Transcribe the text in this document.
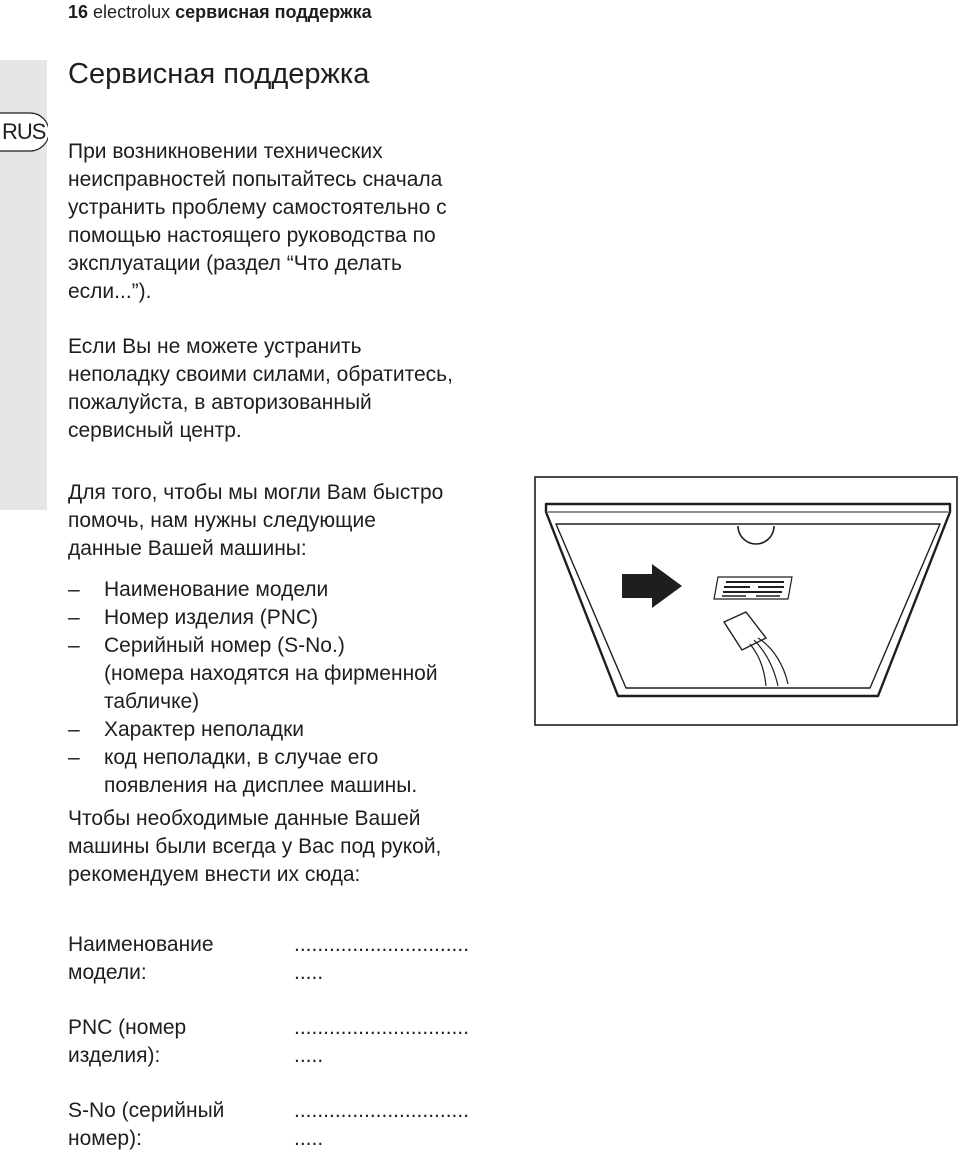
16 electrolux сервисная поддержка
RUS
Сервисная поддержка
При возникновении технических
неисправностей попытайтесь сначала
устранить проблему самостоятельно с
помощью настоящего руководства по
эксплуатации (раздел “Что делать
если...”).
Если Вы не можете устранить
неполадку своими силами, обратитесь,
пожалуйста, в авторизованный
сервисный центр.
Для того, чтобы мы могли Вам быстро
помочь, нам нужны следующие
данные Вашей машины:
– Наименование модели
– Номер изделия (PNC)
– Серийный номер (S-No.)
(номера находятся на фирменной
табличке)
– Характер неполадки
– код неполадки, в случае его
появления на дисплее машины.
Чтобы необходимые данные Вашей
машины были всегда у Вас под рукой,
рекомендуем внести их сюда:
Наименование
модели:
..............................
.....
PNC (номер
изделия):
..............................
.....
S-No (серийный
номер):
..............................
.....
